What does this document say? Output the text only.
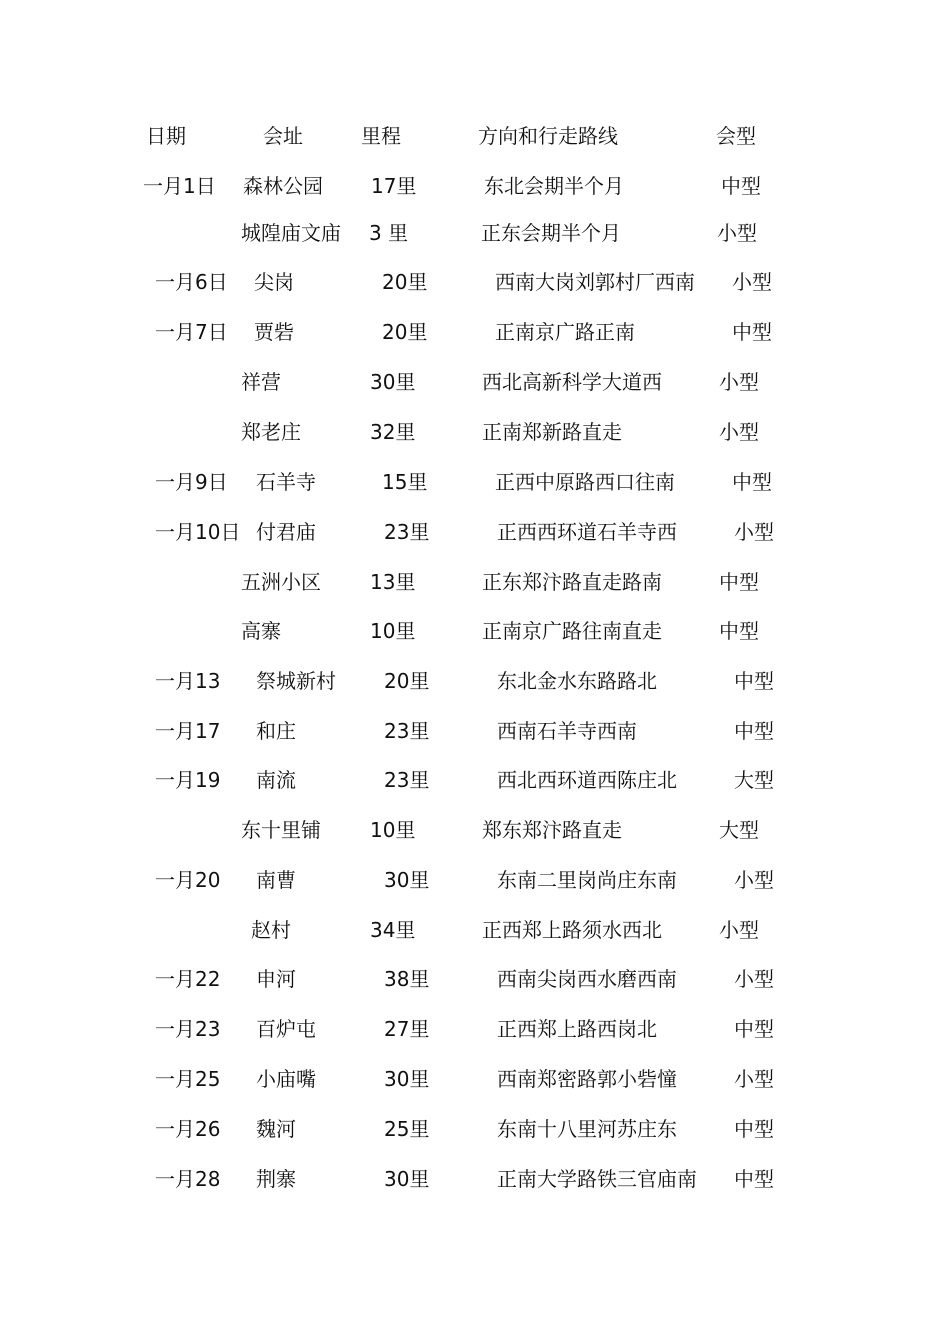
日期	会址	里程	方向和行走路线	会型
一月1日 森林公园 17里	东北会期半个月	中型
城隍庙文庙 3 里	正东会期半个月	小型
一月6日 尖岗	20里	西南大岗刘郭村厂西南 小型
一月7日 贾砦	20里	正南京广路正南	中型
祥营	30里	西北高新科学大道西	小型
郑老庄	32里	正南郑新路直走	小型
一月9日 石羊寺	15里	正西中原路西口往南	中型
一月10日 付君庙	23里	正西西环道石羊寺西	小型
五洲小区 13里	正东郑汴路直走路南	中型
高寨	10里	正南京广路往南直走	中型
一月13 祭城新村 20里	东北金水东路路北	中型
一月17 和庄	23里	西南石羊寺西南	中型
一月19 南流	23里	西北西环道西陈庄北	大型
东十里铺 10里	郑东郑汴路直走	大型
一月20 南曹	30里	东南二里岗尚庄东南	小型
赵村	34里	正西郑上路须水西北	小型
一月22 申河	38里	西南尖岗西水磨西南	小型
一月23 百炉屯	27里	正西郑上路西岗北	中型
一月25 小庙嘴	30里	西南郑密路郭小砦憧	小型
一月26 魏河	25里	东南十八里河苏庄东	中型
一月28 荆寨	30里	正南大学路铁三官庙南 中型
